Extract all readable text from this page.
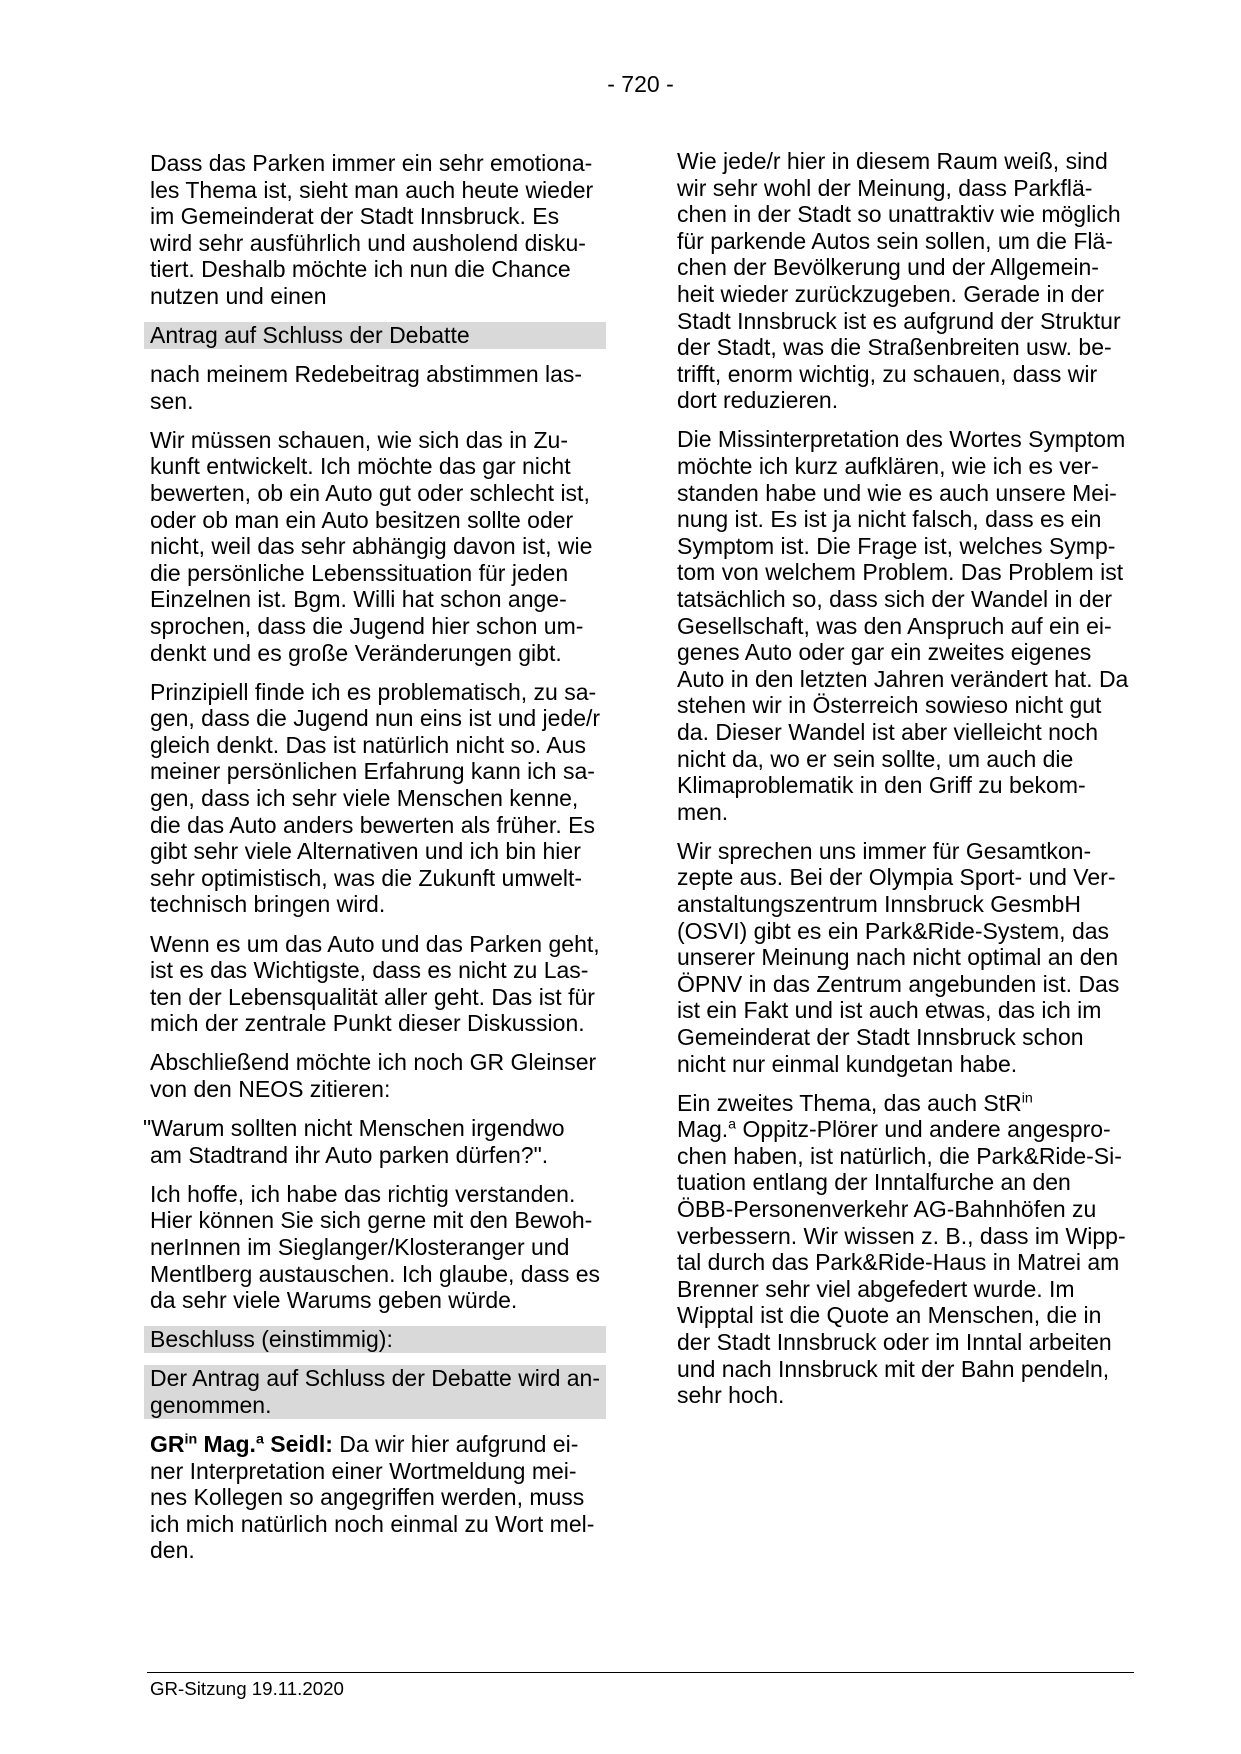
- 720 -
Dass das Parken immer ein sehr emotiona-
les Thema ist, sieht man auch heute wieder
im Gemeinderat der Stadt Innsbruck. Es
wird sehr ausführlich und ausholend disku-
tiert. Deshalb möchte ich nun die Chance
nutzen und einen
Antrag auf Schluss der Debatte
nach meinem Redebeitrag abstimmen las-
sen.
Wir müssen schauen, wie sich das in Zu-
kunft entwickelt. Ich möchte das gar nicht
bewerten, ob ein Auto gut oder schlecht ist,
oder ob man ein Auto besitzen sollte oder
nicht, weil das sehr abhängig davon ist, wie
die persönliche Lebenssituation für jeden
Einzelnen ist. Bgm. Willi hat schon ange-
sprochen, dass die Jugend hier schon um-
denkt und es große Veränderungen gibt.
Prinzipiell finde ich es problematisch, zu sa-
gen, dass die Jugend nun eins ist und jede/r
gleich denkt. Das ist natürlich nicht so. Aus
meiner persönlichen Erfahrung kann ich sa-
gen, dass ich sehr viele Menschen kenne,
die das Auto anders bewerten als früher. Es
gibt sehr viele Alternativen und ich bin hier
sehr optimistisch, was die Zukunft umwelt-
technisch bringen wird.
Wenn es um das Auto und das Parken geht,
ist es das Wichtigste, dass es nicht zu Las-
ten der Lebensqualität aller geht. Das ist für
mich der zentrale Punkt dieser Diskussion.
Abschließend möchte ich noch GR Gleinser
von den NEOS zitieren:
"Warum sollten nicht Menschen irgendwo
am Stadtrand ihr Auto parken dürfen?".
Ich hoffe, ich habe das richtig verstanden.
Hier können Sie sich gerne mit den Bewoh-
nerInnen im Sieglanger/Klosteranger und
Mentlberg austauschen. Ich glaube, dass es
da sehr viele Warums geben würde.
Beschluss (einstimmig):
Der Antrag auf Schluss der Debatte wird an-
genommen.
$GR^{in}$ Mag.$^a$ Seidl: Da wir hier aufgrund ei-
ner Interpretation einer Wortmeldung mei-
nes Kollegen so angegriffen werden, muss
ich mich natürlich noch einmal zu Wort mel-
den.
Wie jede/r hier in diesem Raum weiß, sind
wir sehr wohl der Meinung, dass Parkflä-
chen in der Stadt so unattraktiv wie möglich
für parkende Autos sein sollen, um die Flä-
chen der Bevölkerung und der Allgemein-
heit wieder zurückzugeben. Gerade in der
Stadt Innsbruck ist es aufgrund der Struktur
der Stadt, was die Straßenbreiten usw. be-
trifft, enorm wichtig, zu schauen, dass wir
dort reduzieren.
Die Missinterpretation des Wortes Symptom
möchte ich kurz aufklären, wie ich es ver-
standen habe und wie es auch unsere Mei-
nung ist. Es ist ja nicht falsch, dass es ein
Symptom ist. Die Frage ist, welches Symp-
tom von welchem Problem. Das Problem ist
tatsächlich so, dass sich der Wandel in der
Gesellschaft, was den Anspruch auf ein ei-
genes Auto oder gar ein zweites eigenes
Auto in den letzten Jahren verändert hat. Da
stehen wir in Österreich sowieso nicht gut
da. Dieser Wandel ist aber vielleicht noch
nicht da, wo er sein sollte, um auch die
Klimaproblematik in den Griff zu bekom-
men.
Wir sprechen uns immer für Gesamtkon-
zepte aus. Bei der Olympia Sport- und Ver-
anstaltungszentrum Innsbruck GesmbH
(OSVI) gibt es ein Park&Ride-System, das
unserer Meinung nach nicht optimal an den
ÖPNV in das Zentrum angebunden ist. Das
ist ein Fakt und ist auch etwas, das ich im
Gemeinderat der Stadt Innsbruck schon
nicht nur einmal kundgetan habe.
Ein zweites Thema, das auch StR$^{in}$
Mag.$^a$ Oppitz-Plörer und andere angespro-
chen haben, ist natürlich, die Park&Ride-Si-
tuation entlang der Inntalfurche an den
ÖBB-Personenverkehr AG-Bahnhöfen zu
verbessern. Wir wissen z. B., dass im Wipp-
tal durch das Park&Ride-Haus in Matrei am
Brenner sehr viel abgefedert wurde. Im
Wipptal ist die Quote an Menschen, die in
der Stadt Innsbruck oder im Inntal arbeiten
und nach Innsbruck mit der Bahn pendeln,
sehr hoch.
GR-Sitzung 19.11.2020
